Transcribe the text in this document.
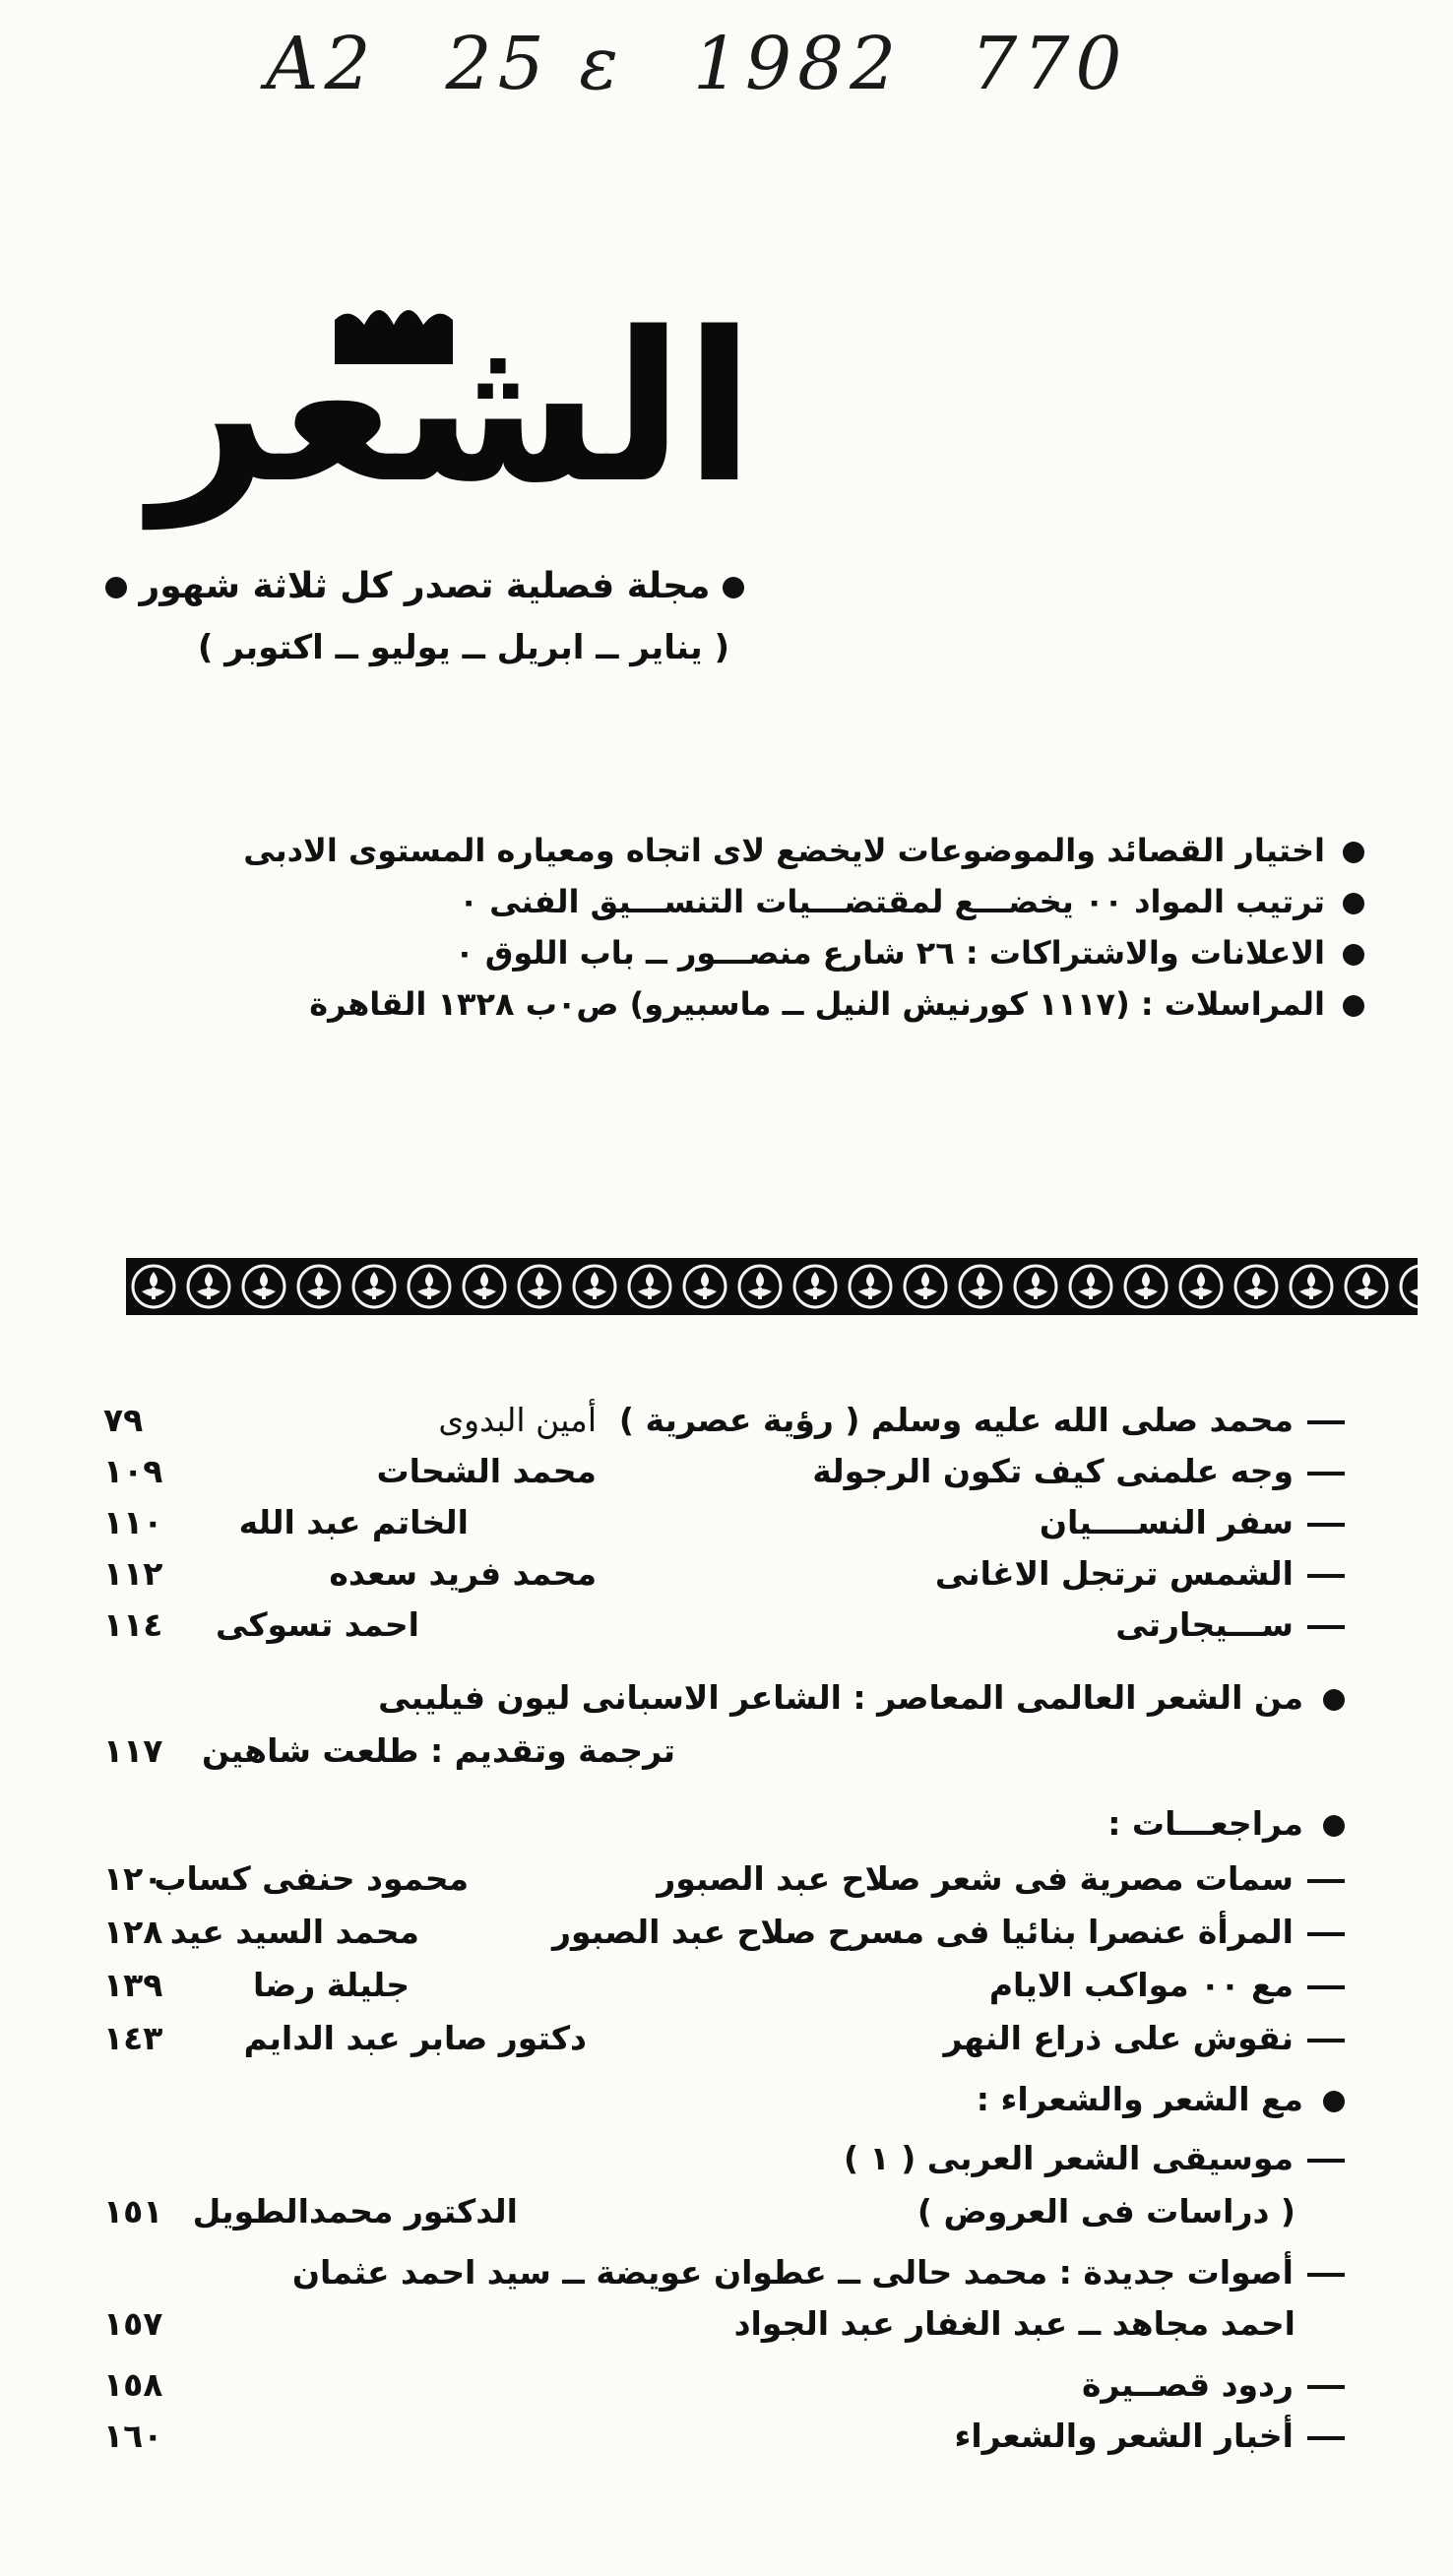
A2 25 ε 1982 770
الشعر
مجلة فصلية تصدر كل ثلاثة شهور
( يناير ــ ابريل ــ يوليو ــ اكتوبر )
اختيار القصائد والموضوعات لايخضع لاى اتجاه ومعياره المستوى الادبى
ترتيب المواد ٠٠ يخضـــع لمقتضـــيات التنســـيق الفنى ٠
الاعلانات والاشتراكات : ٢٦ شارع منصـــور ــ باب اللوق ٠
المراسلات : (١١١٧ كورنيش النيل ــ ماسبيرو) ص٠ب ١٣٢٨ القاهرة
محمد صلى الله عليه وسلم ( رؤية عصرية )
أمين البدوى
٧٩
وجه علمنى كيف تكون الرجولة
محمد الشحات
١٠٩
سفر النســــيان
الخاتم عبد الله
١١٠
الشمس ترتجل الاغانى
محمد فريد سعده
١١٢
ســـيجارتى
احمد تسوكى
١١٤
من الشعر العالمى المعاصر : الشاعر الاسبانى ليون فيليبى
ترجمة وتقديم : طلعت شاهين
١١٧
مراجعـــات :
سمات مصرية فى شعر صلاح عبد الصبور
محمود حنفى كساب
١٢٠
المرأة عنصرا بنائيا فى مسرح صلاح عبد الصبور
محمد السيد عيد
١٢٨
مع ٠٠ مواكب الايام
جليلة رضا
١٣٩
نقوش على ذراع النهر
دكتور صابر عبد الدايم
١٤٣
مع الشعر والشعراء :
موسيقى الشعر العربى ( ١ )
( دراسات فى العروض )
الدكتور محمدالطويل
١٥١
أصوات جديدة : محمد حالى ــ عطوان عويضة ــ سيد احمد عثمان
احمد مجاهد ــ عبد الغفار عبد الجواد
١٥٧
ردود قصــيرة
١٥٨
أخبار الشعر والشعراء
١٦٠
